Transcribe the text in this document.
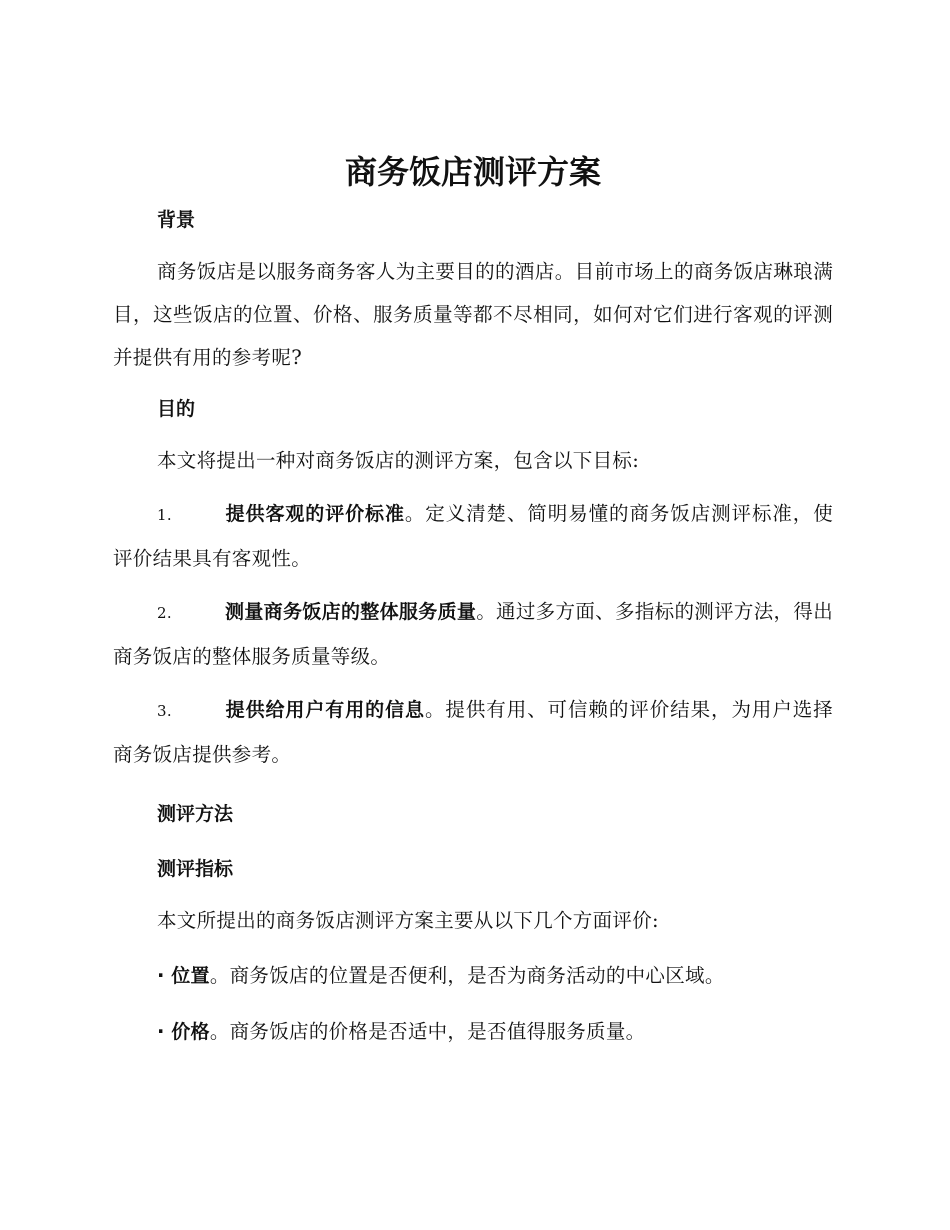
商务饭店测评方案
背景

商务饭店是以服务商务客人为主要目的的酒店。目前市场上的商务饭店琳琅满目，这些饭店的位置、价格、服务质量等都不尽相同，如何对它们进行客观的评测并提供有用的参考呢?

目的

本文将提出一种对商务饭店的测评方案，包含以下目标:

1.	提供客观的评价标准。定义清楚、简明易懂的商务饭店测评标准，使评价结果具有客观性。

2.	测量商务饭店的整体服务质量。通过多方面、多指标的测评方法，得出商务饭店的整体服务质量等级。

3.	提供给用户有用的信息。提供有用、可信赖的评价结果，为用户选择商务饭店提供参考。

测评方法
测评指标

本文所提出的商务饭店测评方案主要从以下几个方面评价:

· 位置。商务饭店的位置是否便利，是否为商务活动的中心区域。

· 价格。商务饭店的价格是否适中，是否值得服务质量。
